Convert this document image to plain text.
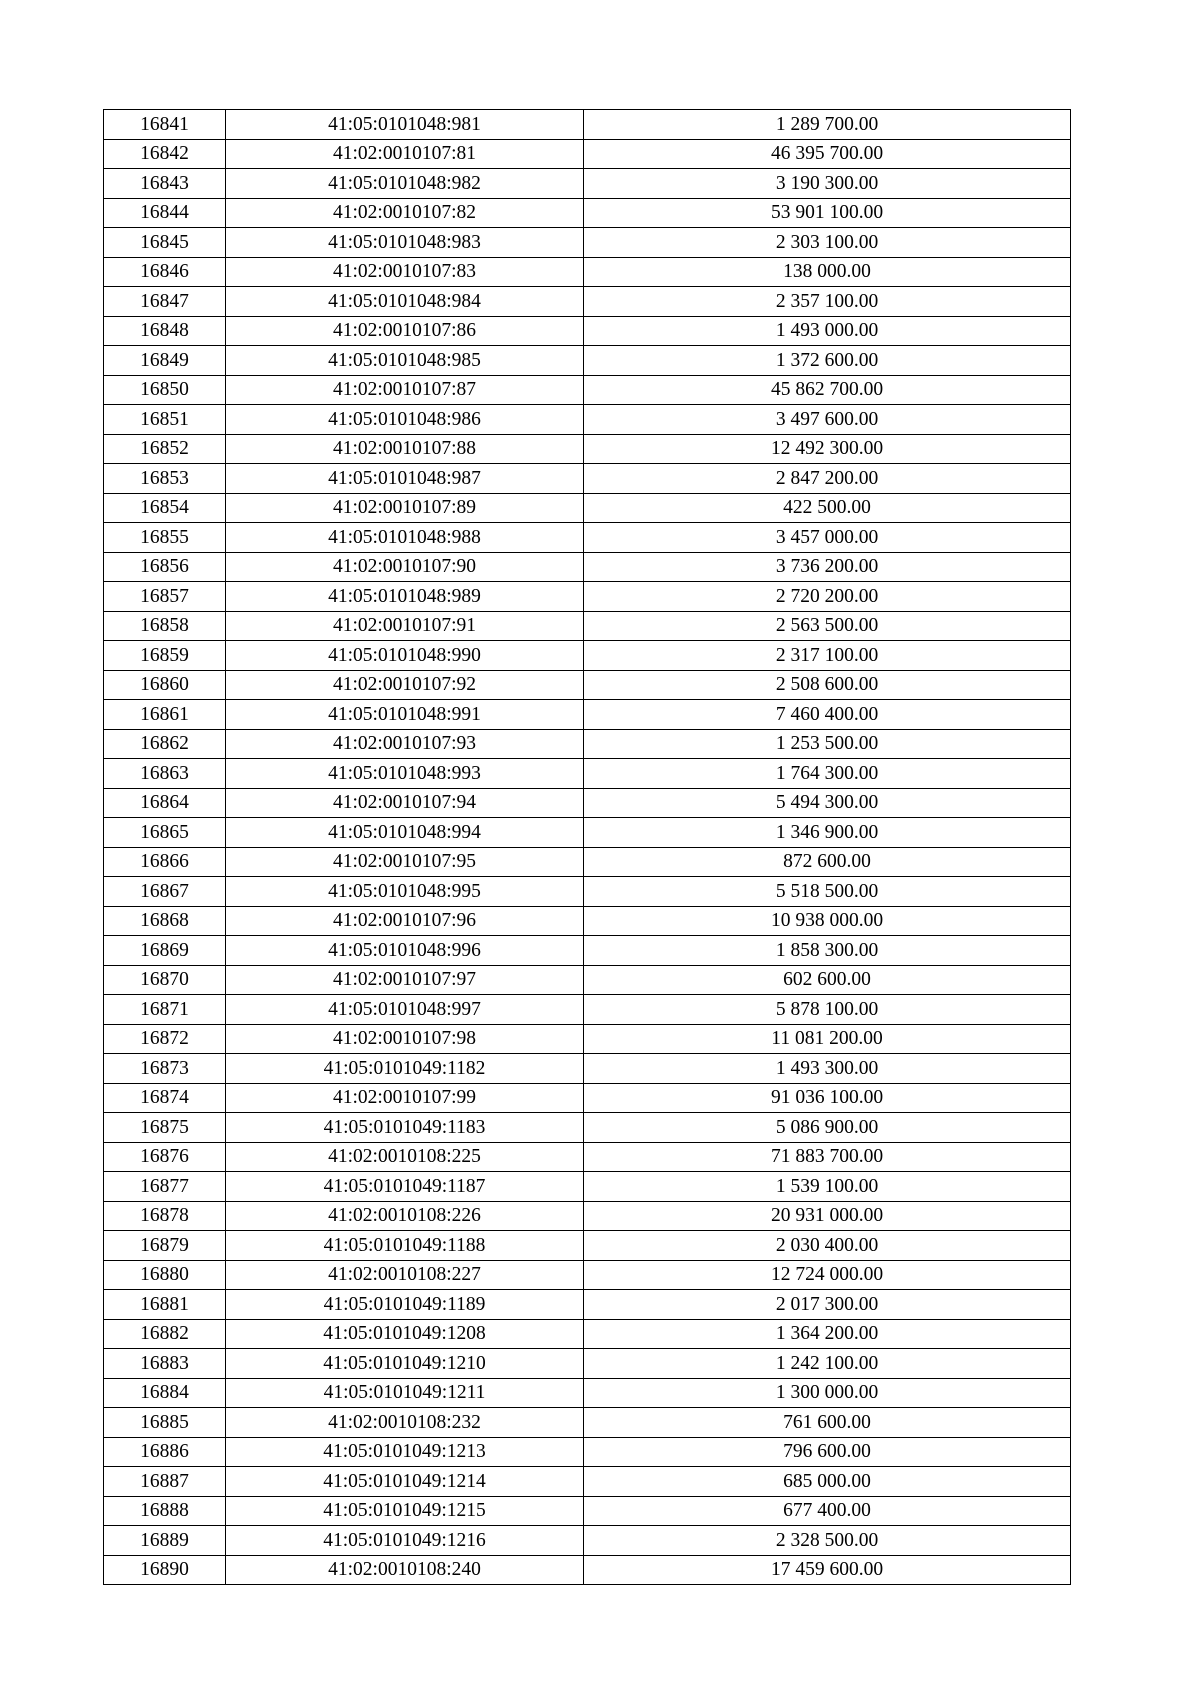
16841	41:05:0101048:981	1 289 700.00
16842	41:02:0010107:81	46 395 700.00
16843	41:05:0101048:982	3 190 300.00
16844	41:02:0010107:82	53 901 100.00
16845	41:05:0101048:983	2 303 100.00
16846	41:02:0010107:83	138 000.00
16847	41:05:0101048:984	2 357 100.00
16848	41:02:0010107:86	1 493 000.00
16849	41:05:0101048:985	1 372 600.00
16850	41:02:0010107:87	45 862 700.00
16851	41:05:0101048:986	3 497 600.00
16852	41:02:0010107:88	12 492 300.00
16853	41:05:0101048:987	2 847 200.00
16854	41:02:0010107:89	422 500.00
16855	41:05:0101048:988	3 457 000.00
16856	41:02:0010107:90	3 736 200.00
16857	41:05:0101048:989	2 720 200.00
16858	41:02:0010107:91	2 563 500.00
16859	41:05:0101048:990	2 317 100.00
16860	41:02:0010107:92	2 508 600.00
16861	41:05:0101048:991	7 460 400.00
16862	41:02:0010107:93	1 253 500.00
16863	41:05:0101048:993	1 764 300.00
16864	41:02:0010107:94	5 494 300.00
16865	41:05:0101048:994	1 346 900.00
16866	41:02:0010107:95	872 600.00
16867	41:05:0101048:995	5 518 500.00
16868	41:02:0010107:96	10 938 000.00
16869	41:05:0101048:996	1 858 300.00
16870	41:02:0010107:97	602 600.00
16871	41:05:0101048:997	5 878 100.00
16872	41:02:0010107:98	11 081 200.00
16873	41:05:0101049:1182	1 493 300.00
16874	41:02:0010107:99	91 036 100.00
16875	41:05:0101049:1183	5 086 900.00
16876	41:02:0010108:225	71 883 700.00
16877	41:05:0101049:1187	1 539 100.00
16878	41:02:0010108:226	20 931 000.00
16879	41:05:0101049:1188	2 030 400.00
16880	41:02:0010108:227	12 724 000.00
16881	41:05:0101049:1189	2 017 300.00
16882	41:05:0101049:1208	1 364 200.00
16883	41:05:0101049:1210	1 242 100.00
16884	41:05:0101049:1211	1 300 000.00
16885	41:02:0010108:232	761 600.00
16886	41:05:0101049:1213	796 600.00
16887	41:05:0101049:1214	685 000.00
16888	41:05:0101049:1215	677 400.00
16889	41:05:0101049:1216	2 328 500.00
16890	41:02:0010108:240	17 459 600.00
